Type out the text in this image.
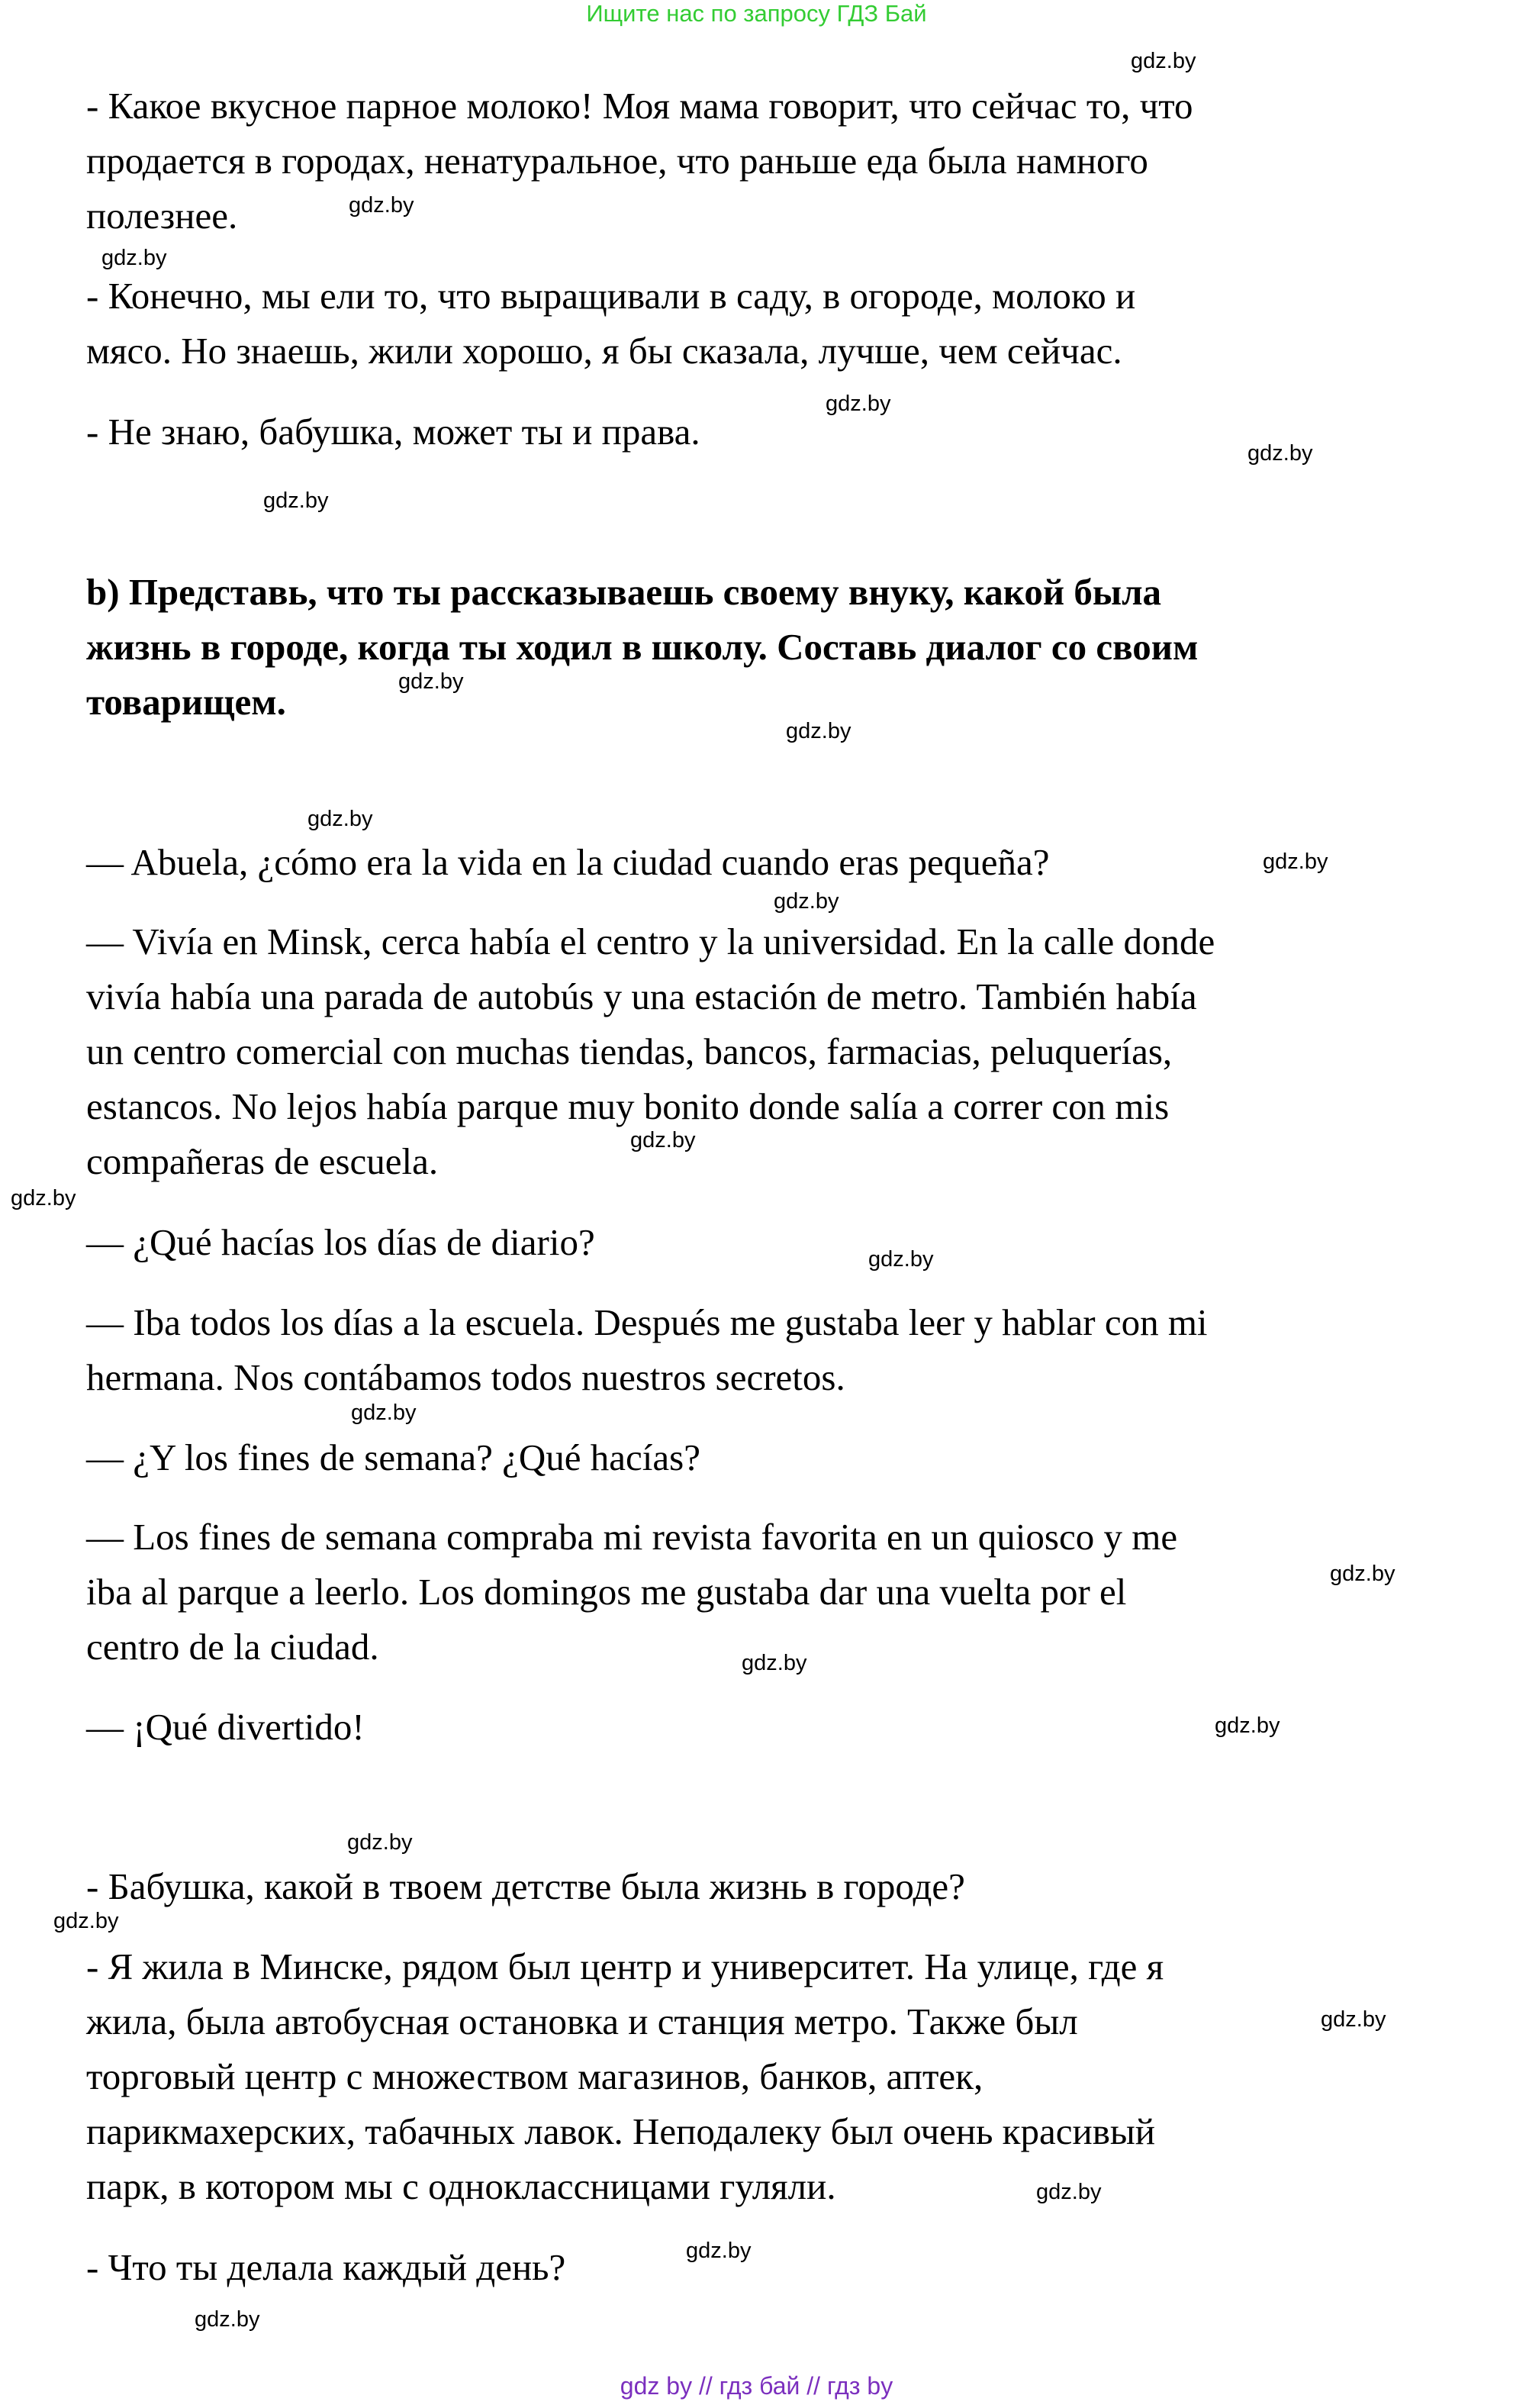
Ищите нас по запросу ГДЗ Бай

- Какое вкусное парное молоко! Моя мама говорит, что сейчас то, что
продается в городах, ненатуральное, что раньше еда была намного
полезнее.

- Конечно, мы ели то, что выращивали в саду, в огороде, молоко и
мясо. Но знаешь, жили хорошо, я бы сказала, лучше, чем сейчас.

- Не знаю, бабушка, может ты и права.

b) Представь, что ты рассказываешь своему внуку, какой была
жизнь в городе, когда ты ходил в школу. Составь диалог со своим
товарищем.

— Abuela, ¿cómo era la vida en la ciudad cuando eras pequeña?

— Vivía en Minsk, cerca había el centro y la universidad. En la calle donde
vivía había una parada de autobús y una estación de metro. También había
un centro comercial con muchas tiendas, bancos, farmacias, peluquerías,
estancos. No lejos había parque muy bonito donde salía a correr con mis
compañeras de escuela.

— ¿Qué hacías los días de diario?

— Iba todos los días a la escuela. Después me gustaba leer y hablar con mi
hermana. Nos contábamos todos nuestros secretos.

— ¿Y los fines de semana? ¿Qué hacías?

— Los fines de semana compraba mi revista favorita en un quiosco y me
iba al parque a leerlo. Los domingos me gustaba dar una vuelta por el
centro de la ciudad.

— ¡Qué divertido!

- Бабушка, какой в твоем детстве была жизнь в городе?

- Я жила в Минске, рядом был центр и университет. На улице, где я
жила, была автобусная остановка и станция метро. Также был
торговый центр с множеством магазинов, банков, аптек,
парикмахерских, табачных лавок. Неподалеку был очень красивый
парк, в котором мы с одноклассницами гуляли.

- Что ты делала каждый день?

gdz.by
gdz.by
gdz.by
gdz.by
gdz.by
gdz.by
gdz.by
gdz.by
gdz.by
gdz.by
gdz.by
gdz.by
gdz.by
gdz.by
gdz.by
gdz.by
gdz.by
gdz.by
gdz.by
gdz.by
gdz.by
gdz.by
gdz.by
gdz.by
gdz by // гдз бай // гдз by
